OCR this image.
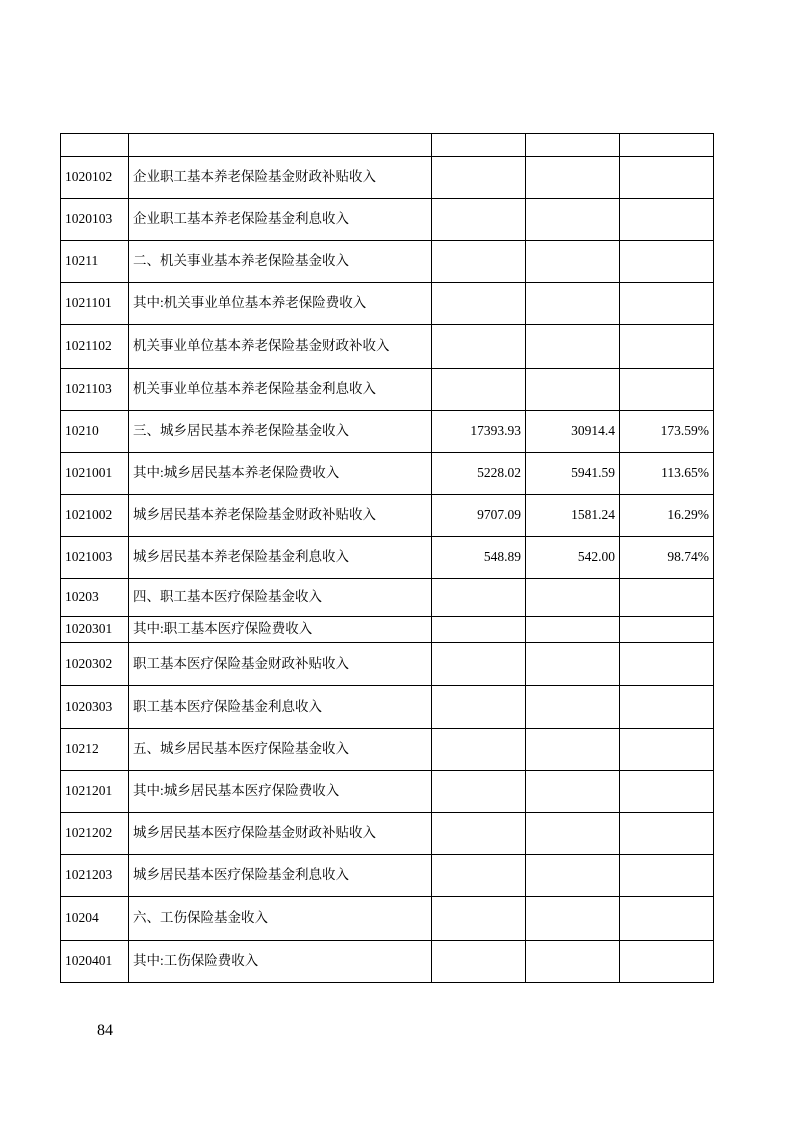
1020102	企业职工基本养老保险基金财政补贴收入			
1020103	企业职工基本养老保险基金利息收入			
10211	二、机关事业基本养老保险基金收入			
1021101	其中:机关事业单位基本养老保险费收入			
1021102	机关事业单位基本养老保险基金财政补收入			
1021103	机关事业单位基本养老保险基金利息收入			
10210	三、城乡居民基本养老保险基金收入	17393.93	30914.4	173.59%
1021001	其中:城乡居民基本养老保险费收入	5228.02	5941.59	113.65%
1021002	城乡居民基本养老保险基金财政补贴收入	9707.09	1581.24	16.29%
1021003	城乡居民基本养老保险基金利息收入	548.89	542.00	98.74%
10203	四、职工基本医疗保险基金收入			
1020301	其中:职工基本医疗保险费收入			
1020302	职工基本医疗保险基金财政补贴收入			
1020303	职工基本医疗保险基金利息收入			
10212	五、城乡居民基本医疗保险基金收入			
1021201	其中:城乡居民基本医疗保险费收入			
1021202	城乡居民基本医疗保险基金财政补贴收入			
1021203	城乡居民基本医疗保险基金利息收入			
10204	六、工伤保险基金收入			
1020401	其中:工伤保险费收入			
84
